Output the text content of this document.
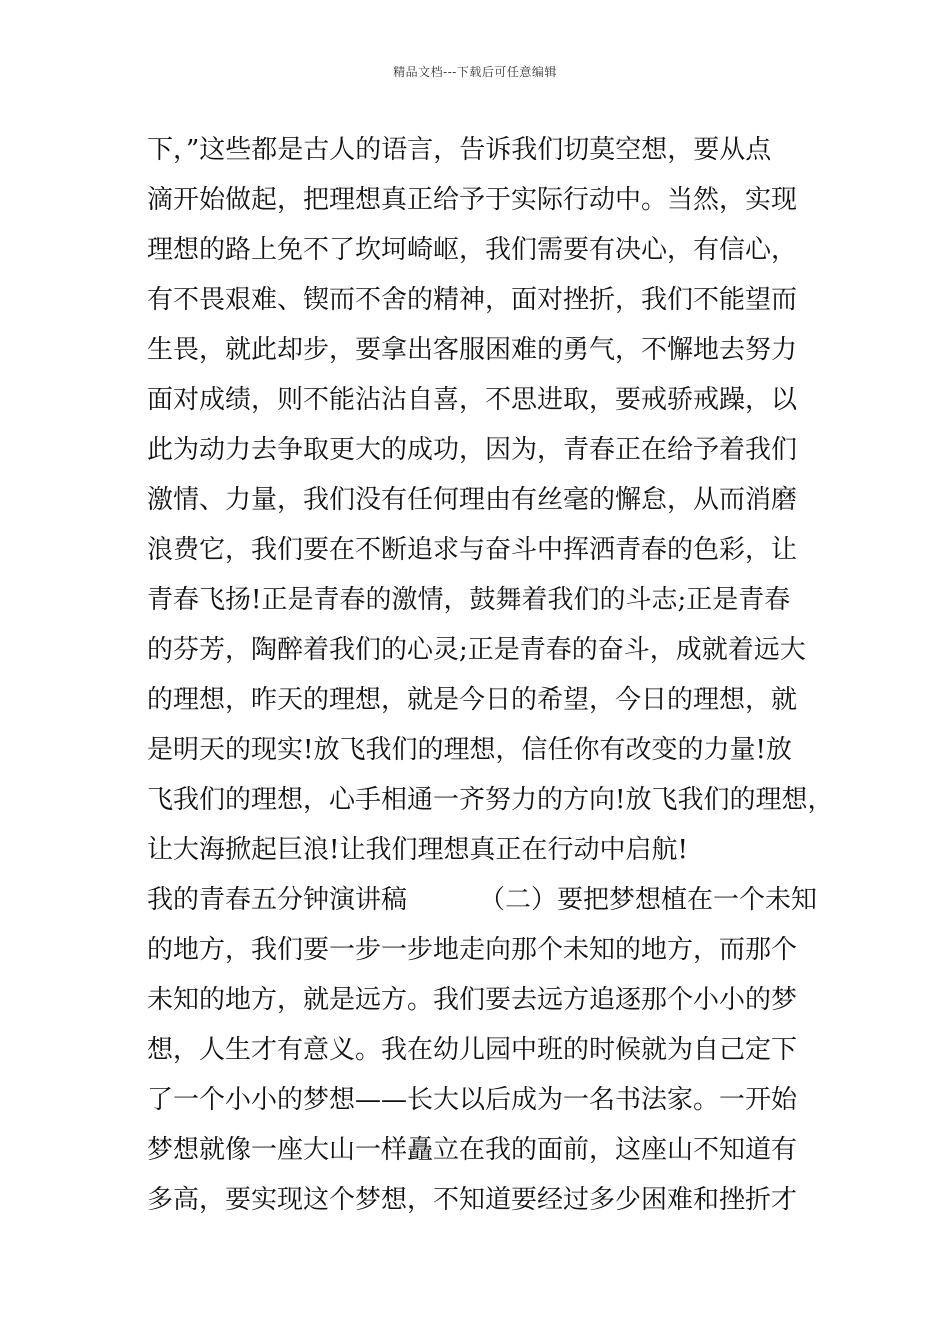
精品文档---下载后可任意编辑
下，”这些都是古人的语言，告诉我们切莫空想，要从点
滴开始做起，把理想真正给予于实际行动中。当然，实现
理想的路上免不了坎坷崎岖，我们需要有决心，有信心，
有不畏艰难、锲而不舍的精神，面对挫折，我们不能望而
生畏，就此却步，要拿出客服困难的勇气，不懈地去努力
面对成绩，则不能沾沾自喜，不思进取，要戒骄戒躁，以
此为动力去争取更大的成功，因为，青春正在给予着我们
激情、力量，我们没有任何理由有丝毫的懈怠，从而消磨
浪费它，我们要在不断追求与奋斗中挥洒青春的色彩，让
青春飞扬!正是青春的激情，鼓舞着我们的斗志;正是青春
的芬芳，陶醉着我们的心灵;正是青春的奋斗，成就着远大
的理想，昨天的理想，就是今日的希望，今日的理想，就
是明天的现实!放飞我们的理想，信任你有改变的力量!放
飞我们的理想，心手相通一齐努力的方向!放飞我们的理想，
让大海掀起巨浪!让我们理想真正在行动中启航!
我的青春五分钟演讲稿	（二）要把梦想植在一个未知
的地方，我们要一步一步地走向那个未知的地方，而那个
未知的地方，就是远方。我们要去远方追逐那个小小的梦
想，人生才有意义。我在幼儿园中班的时候就为自己定下
了一个小小的梦想——长大以后成为一名书法家。一开始
梦想就像一座大山一样矗立在我的面前，这座山不知道有
多高，要实现这个梦想，不知道要经过多少困难和挫折才
